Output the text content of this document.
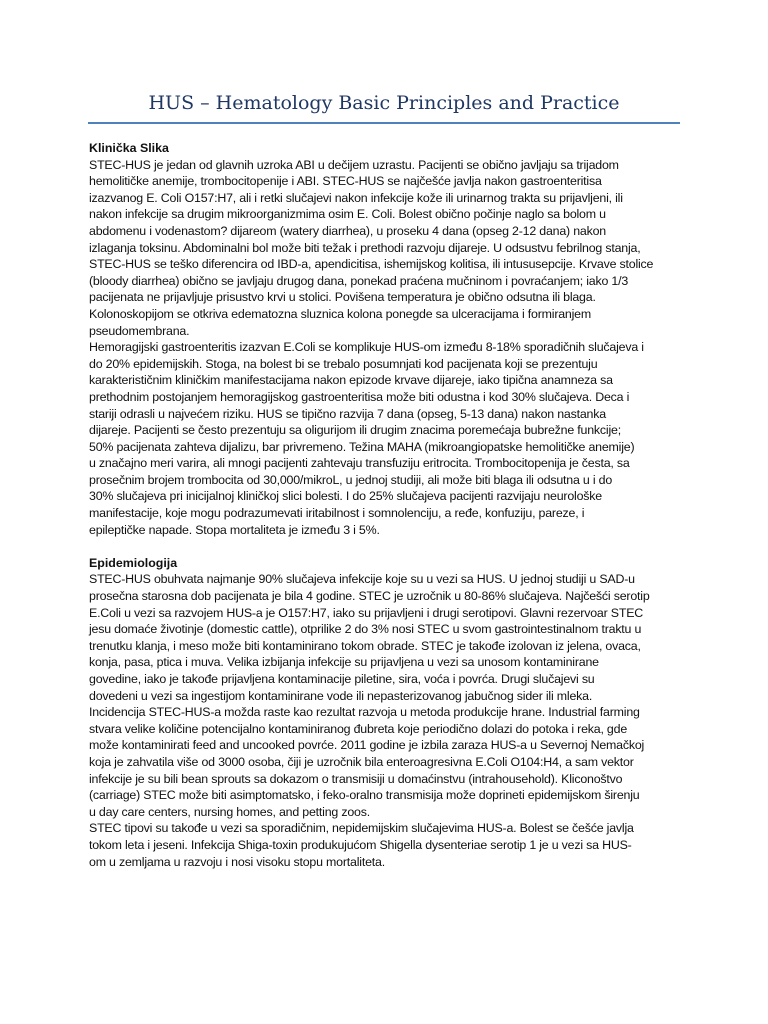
HUS – Hematology Basic Principles and Practice
Klinička Slika
STEC-HUS je jedan od glavnih uzroka ABI u dečijem uzrastu. Pacijenti se obično javljaju sa trijadom
hemolitičke anemije, trombocitopenije i ABI. STEC-HUS se najčešće javlja nakon gastroenteritisa
izazvanog E. Coli O157:H7, ali i retki slučajevi nakon infekcije kože ili urinarnog trakta su prijavljeni, ili
nakon infekcije sa drugim mikroorganizmima osim E. Coli. Bolest obično počinje naglo sa bolom u
abdomenu i vodenastom? dijareom (watery diarrhea), u proseku 4 dana (opseg 2-12 dana) nakon
izlaganja toksinu. Abdominalni bol može biti težak i prethodi razvoju dijareje. U odsustvu febrilnog stanja,
STEC-HUS se teško diferencira od IBD-a, apendicitisa, ishemijskog kolitisa, ili intususepcije. Krvave stolice
(bloody diarrhea) obično se javljaju drugog dana, ponekad praćena mučninom i povraćanjem; iako 1/3
pacijenata ne prijavljuje prisustvo krvi u stolici. Povišena temperatura je obično odsutna ili blaga.
Kolonoskopijom se otkriva edematozna sluznica kolona ponegde sa ulceracijama i formiranjem
pseudomembrana.
Hemoragijski gastroenteritis izazvan E.Coli se komplikuje HUS-om između 8-18% sporadičnih slučajeva i
do 20% epidemijskih. Stoga, na bolest bi se trebalo posumnjati kod pacijenata koji se prezentuju
karakterističnim kliničkim manifestacijama nakon epizode krvave dijareje, iako tipična anamneza sa
prethodnim postojanjem hemoragijskog gastroenteritisa može biti odustna i kod 30% slučajeva. Deca i
stariji odrasli u najvećem riziku. HUS se tipično razvija 7 dana (opseg, 5-13 dana) nakon nastanka
dijareje. Pacijenti se često prezentuju sa oligurijom ili drugim znacima poremećaja bubrežne funkcije;
50% pacijenata zahteva dijalizu, bar privremeno. Težina MAHA (mikroangiopatske hemolitičke anemije)
u značajno meri varira, ali mnogi pacijenti zahtevaju transfuziju eritrocita. Trombocitopenija je česta, sa
prosečnim brojem trombocita od 30,000/mikroL, u jednoj studiji, ali može biti blaga ili odsutna u i do
30% slučajeva pri inicijalnoj kliničkoj slici bolesti. I do 25% slučajeva pacijenti razvijaju neurološke
manifestacije, koje mogu podrazumevati iritabilnost i somnolenciju, a ređe, konfuziju, pareze, i
epileptičke napade. Stopa mortaliteta je između 3 i 5%.
Epidemiologija
STEC-HUS obuhvata najmanje 90% slučajeva infekcije koje su u vezi sa HUS. U jednoj studiji u SAD-u
prosečna starosna dob pacijenata je bila 4 godine. STEC je uzročnik u 80-86% slučajeva. Najčešći serotip
E.Coli u vezi sa razvojem HUS-a je O157:H7, iako su prijavljeni i drugi serotipovi. Glavni rezervoar STEC
jesu domaće životinje (domestic cattle), otprilike 2 do 3% nosi STEC u svom gastrointestinalnom traktu u
trenutku klanja, i meso može biti kontaminirano tokom obrade. STEC je takođe izolovan iz jelena, ovaca,
konja, pasa, ptica i muva. Velika izbijanja infekcije su prijavljena u vezi sa unosom kontaminirane
govedine, iako je takođe prijavljena kontaminacije piletine, sira, voća i povrća. Drugi slučajevi su
dovedeni u vezi sa ingestijom kontaminirane vode ili nepasterizovanog jabučnog sider ili mleka.
Incidencija STEC-HUS-a možda raste kao rezultat razvoja u metoda produkcije hrane. Industrial farming
stvara velike količine potencijalno kontaminiranog đubreta koje periodično dolazi do potoka i reka, gde
može kontaminirati feed and uncooked povrće. 2011 godine je izbila zaraza HUS-a u Severnoj Nemačkoj
koja je zahvatila više od 3000 osoba, čiji je uzročnik bila enteroagresivna E.Coli O104:H4, a sam vektor
infekcije je su bili bean sprouts sa dokazom o transmisiji u domaćinstvu (intrahousehold). Kliconoštvo
(carriage) STEC može biti asimptomatsko, i feko-oralno transmisija može doprineti epidemijskom širenju
u day care centers, nursing homes, and petting zoos.
STEC tipovi su takođe u vezi sa sporadičnim, nepidemijskim slučajevima HUS-a. Bolest se češće javlja
tokom leta i jeseni. Infekcija Shiga-toxin produkujućom Shigella dysenteriae serotip 1 je u vezi sa HUS-
om u zemljama u razvoju i nosi visoku stopu mortaliteta.
